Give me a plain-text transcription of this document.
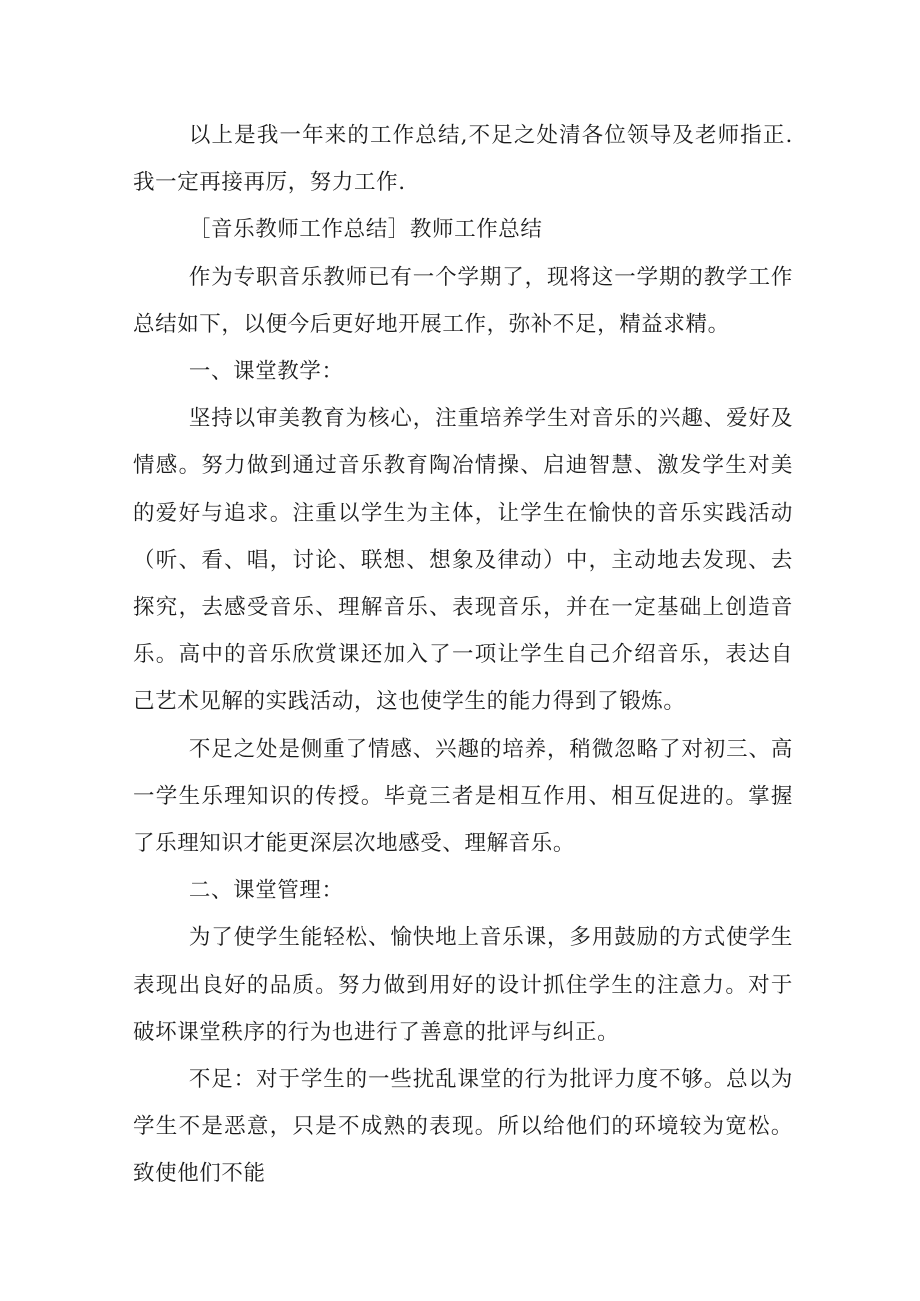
以上是我一年来的工作总结,不足之处清各位领导及老师指正.我一定再接再厉，努力工作.

［音乐教师工作总结］教师工作总结

作为专职音乐教师已有一个学期了，现将这一学期的教学工作总结如下，以便今后更好地开展工作，弥补不足，精益求精。

一、课堂教学：

坚持以审美教育为核心，注重培养学生对音乐的兴趣、爱好及情感。努力做到通过音乐教育陶冶情操、启迪智慧、激发学生对美的爱好与追求。注重以学生为主体，让学生在愉快的音乐实践活动（听、看、唱，讨论、联想、想象及律动）中，主动地去发现、去探究，去感受音乐、理解音乐、表现音乐，并在一定基础上创造音乐。高中的音乐欣赏课还加入了一项让学生自己介绍音乐，表达自己艺术见解的实践活动，这也使学生的能力得到了锻炼。

不足之处是侧重了情感、兴趣的培养，稍微忽略了对初三、高一学生乐理知识的传授。毕竟三者是相互作用、相互促进的。掌握了乐理知识才能更深层次地感受、理解音乐。

二、课堂管理：

为了使学生能轻松、愉快地上音乐课，多用鼓励的方式使学生表现出良好的品质。努力做到用好的设计抓住学生的注意力。对于破坏课堂秩序的行为也进行了善意的批评与纠正。

不足：对于学生的一些扰乱课堂的行为批评力度不够。总以为学生不是恶意，只是不成熟的表现。所以给他们的环境较为宽松。致使他们不能
